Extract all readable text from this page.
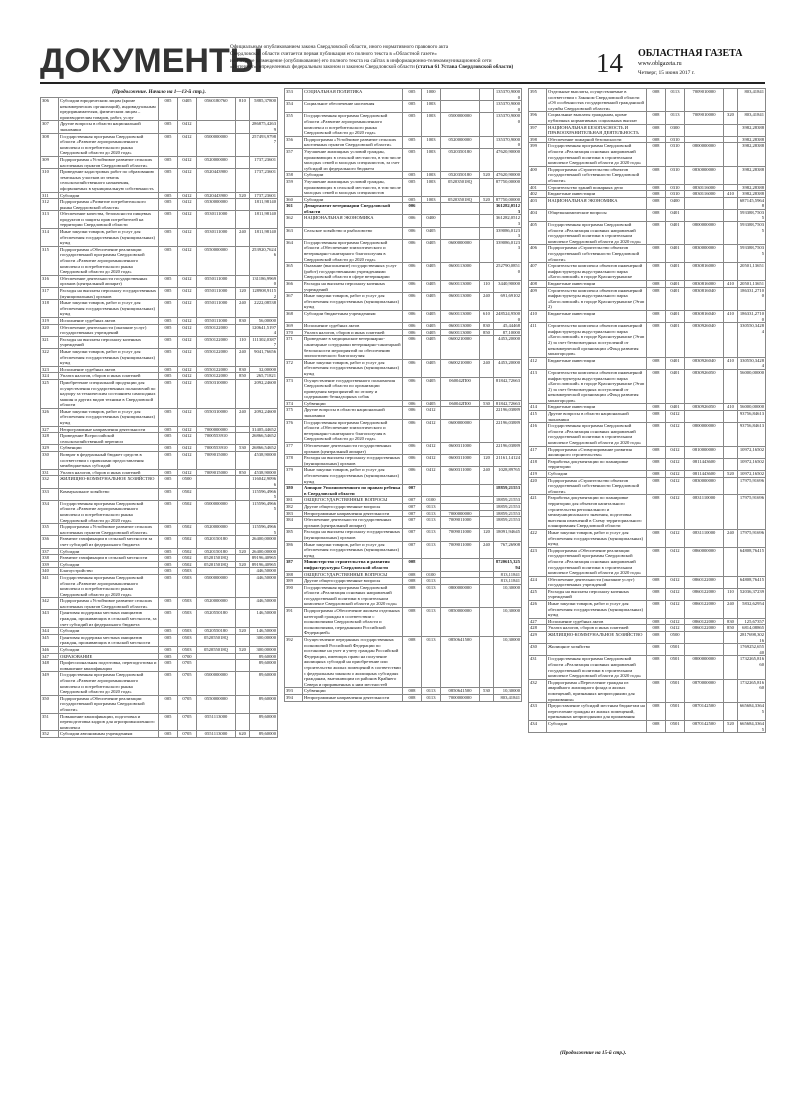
ДОКУМЕНТЫ
Официальным опубликованием закона Свердловской области, иного нормативного правового акта
Свердловской области считается первая публикация его полного текста в «Областной газете»
или первое размещение (опубликование) его полного текста на сайтах в информационно-телекоммуникационной сети
«Интернет», определенных федеральным законом и законом Свердловской области (статья 61 Устава Свердловской области)	14 ОБЛАСТНАЯ ГАЗЕТА
www.oblgazeta.ru
Четверг, 15 июня 2017 г.
(Продолжение. Начало на 1—13-й стр.).
306	Субсидии юридическим лицам (кроме некоммерческих организаций), индивидуальным предпринимателям, физическим лицам – производителям товаров, работ, услуг	005	0405	0560180760	810	5885,37800
307	Другие вопросы в области национальной экономики	005	0412			286875,42639
308	Государственная программа Свердловской области «Развитие агропромышленного комплекса и потребительского рынка Свердловской области до 2020 года»	005	0412	0500000000		257493,97987
309	Подпрограмма «Устойчивое развитие сельских населенных пунктов Свердловской области»	005	0412	0520000000		1737,23601
310	Проведение кадастровых работ по образованию земельных участков из земель сельскохозяйственного назначения, оформляемых в муниципальную собственность	005	0412	0520443900		1737,23601
311	Субсидии	005	0412	0520443900	520	1737,23601
312	Подпрограмма «Развитие потребительского рынка Свердловской области»	005	0412	0530000000		1811,98140
313	Обеспечение качества, безопасности пищевых продуктов и защиты прав потребителей на территории Свердловской области	005	0412	0530111000		1811,98140
314	Иные закупки товаров, работ и услуг для обеспечения государственных (муниципальных) нужд	005	0412	0530111000	240	1811,98140
315	Подпрограмма «Обеспечение реализации государственной программы Свердловской области «Развитие агропромышленного комплекса и потребительского рынка Свердловской области до 2020 года»	005	0412	0550000000		253920,76246
316	Обеспечение деятельности государственных органов (центральный аппарат)	005	0412	0550111000		131186,99690
317	Расходы на выплаты персоналу государственных (муниципальных) органов	005	0412	0550111000	120	128908,91152
318	Иные закупки товаров, работ и услуг для обеспечения государственных (муниципальных) нужд	005	0412	0550111000	240	2222,08538
319	Исполнение судебных актов	005	0412	0550111000	830	56,00000
320	Обеспечение деятельности (оказание услуг) государственных учреждений	005	0412	0550122000		120641,51974
321	Расходы на выплаты персоналу казенных учреждений	005	0412	0550122000	110	111302,03877
322	Иные закупки товаров, работ и услуг для обеспечения государственных (муниципальных) нужд	005	0412	0550122000	240	9041,76656
323	Исполнение судебных актов	005	0412	0550122000	830	32,00000
324	Уплата налогов, сборов и иных платежей	005	0412	0550122000	850	265,71821
325	Приобретение специальной продукции для осуществления государственных полномочий по надзору за техническим состоянием самоходных машин и других видов техники в Свердловской области	005	0412	0550310000		2092,24600
326	Иные закупки товаров, работ и услуг для обеспечения государственных (муниципальных) нужд	005	0412	0550310000	240	2092,24600
327	Непрограммные направления деятельности	005	0412	7000000000		31405,44652
328	Проведение Всероссийской сельскохозяйственной переписи	005	0412	7000553910		26866,54652
329	Субвенции	005	0412	7000553910	530	26866,54652
330	Возврат в федеральный бюджет средств в соответствии с правилами предоставления межбюджетных субсидий	005	0412	7009015000		4538,90000
331	Уплата налогов, сборов и иных платежей	005	0412	7009015000	850	4538,90000
332	ЖИЛИЩНО-КОММУНАЛЬНОЕ ХОЗЯЙСТВО	005	0500			116042,90966
333	Коммунальное хозяйство	005	0502			115596,49665
334	Государственная программа Свердловской области «Развитие агропромышленного комплекса и потребительского рынка Свердловской области до 2020 года»	005	0502	0500000000		115596,49665
335	Подпрограмма «Устойчивое развитие сельских населенных пунктов Свердловской области»	005	0502	0520000000		115596,49665
336	Развитие газификации в сельской местности за счет субсидий из федерального бюджета	005	0502	0520150180		26400,00000
337	Субсидии	005	0502	0520150180	520	26400,00000
338	Развитие газификации в сельской местности	005	0502	052015018Q		89196,40965
339	Субсидии	005	0502	052015018Q	520	89196,40965
340	Благоустройство	005	0503			446,50000
341	Государственная программа Свердловской области «Развитие агропромышленного комплекса и потребительского рынка Свердловской области до 2020 года»	005	0503	0500000000		446,50000
342	Подпрограмма «Устойчивое развитие сельских населенных пунктов Свердловской области»	005	0503	0520000000		446,50000
343	Грантовая поддержка местных инициатив граждан, проживающих в сельской местности, за счет субсидий из федерального бюджета	005	0503	0520550180		146,50000
344	Субсидии	005	0503	0520550180	520	146,50000
345	Грантовая поддержка местных инициатив граждан, проживающих в сельской местности	005	0503	052055018Q		300,00000
346	Субсидии	005	0503	052055018Q	520	300,00000
347	ОБРАЗОВАНИЕ	005	0700			89,60000
348	Профессиональная подготовка, переподготовка и повышение квалификации	005	0705			89,60000
349	Государственная программа Свердловской области «Развитие агропромышленного комплекса и потребительского рынка Свердловской области до 2020 года»	005	0705	0500000000		89,60000
350	Подпрограмма «Обеспечение реализации государственной программы Свердловской области»	005	0705	0550000000		89,60000
351	Повышение квалификации, подготовка и переподготовка кадров для агропромышленного комплекса	005	0705	0551113000		89,60000
352	Субсидии автономным учреждениям	005	0705	0551113000	620	89,60000
353	СОЦИАЛЬНАЯ ПОЛИТИКА	005	1000			135370,90000
354	Социальное обеспечение населения	005	1003			135370,90000
355	Государственная программа Свердловской области «Развитие агропромышленного комплекса и потребительского рынка Свердловской области до 2020 года»	005	1003	0500000000		135370,90000
356	Подпрограмма «Устойчивое развитие сельских населенных пунктов Свердловской области»	005	1003	0520000000		135370,90000
357	Улучшение жилищных условий граждан, проживающих в сельской местности, в том числе молодых семей и молодых специалистов, за счет субсидий из федерального бюджета	005	1003	0520350180		47620,90000
358	Субсидии	005	1003	0520350180	520	47620,90000
359	Улучшение жилищных условий граждан, проживающих в сельской местности, в том числе молодых семей и молодых специалистов	005	1003	052035018Q		87750,00000
360	Субсидии	005	1003	052035018Q	520	87750,00000
361	Департамент ветеринарии Свердловской области	006				361282,05123
362	НАЦИОНАЛЬНАЯ ЭКОНОМИКА	006	0400			361282,05123
363	Сельское хозяйство и рыболовство	006	0405			339086,01233
364	Государственная программа Свердловской области «Обеспечение эпизоотического и ветеринарно-санитарного благополучия в Свердловской области до 2020 года»	006	0405	0600000000		339086,01233
365	Оказание (выполнение) государственных услуг (работ) государственными учреждениями Свердловской области в сфере ветеринарии	006	0405	0600113000		252790,08510
366	Расходы на выплаты персоналу казенных учреждений	006	0405	0600113000	110	3440,90000
367	Иные закупки товаров, работ и услуг для обеспечения государственных (муниципальных) нужд	006	0405	0600113000	240	691,69102
368	Субсидии бюджетным учреждениям	006	0405	0600113000	610	248524,95000
369	Исполнение судебных актов	006	0405	0600113000	830	45,44468
370	Уплата налогов, сборов и иных платежей	006	0405	0600113000	850	87,10000
371	Проведение в медицинские ветеринарно-санитарные сотрудники ветеринарно-санитарной безопасности мероприятий по обеспечению эпизоотического благополучия	006	0405	0600210000		4453,20000
372	Иные закупки товаров, работ и услуг для обеспечения государственных (муниципальных) нужд	006	0405	0600210000	240	4453,20000
373	Осуществление государственного полномочия Свердловской области по организации проведения мероприятий по отлову и содержанию безнадзорных собак	006	0405	060042П00		81842,72663
374	Субвенции	006	0405	060042П00	530	81842,72663
375	Другие вопросы в области национальной экономики	006	0412			22196,03889
376	Государственная программа Свердловской области «Обеспечение эпизоотического и ветеринарно-санитарного благополучия в Свердловской области до 2020 года»	006	0412	0600000000		22196,03889
377	Обеспечение деятельности государственных органов (центральный аппарат)	006	0412	0600311000		22196,03889
378	Расходы на выплаты персоналу государственных (муниципальных) органов	006	0412	0600311000	120	21161,14124
379	Иные закупки товаров, работ и услуг для обеспечения государственных (муниципальных) нужд	006	0412	0600311000	240	1028,89765
380	Аппарат Уполномоченного по правам ребенка в Свердловской области	007				18859,21553
381	ОБЩЕГОСУДАРСТВЕННЫЕ ВОПРОСЫ	007	0100			18859,21553
382	Другие общегосударственные вопросы	007	0113			18859,21553
383	Непрограммные направления деятельности	007	0113	7000000000		18859,21553
384	Обеспечение деятельности государственных органов (центральный аппарат)	007	0113	7009011000		18859,21553
385	Расходы на выплаты персоналу государственных (муниципальных) органов	007	0113	7009011000	120	18091,94645
386	Иные закупки товаров, работ и услуг для обеспечения государственных (муниципальных) нужд	007	0113	7009011000	240	767,26908
387	Министерство строительства и развития инфраструктуры Свердловской области	008				8720615,32594
388	ОБЩЕГОСУДАРСТВЕННЫЕ ВОПРОСЫ	008	0100			813,11841
389	Другие общегосударственные вопросы	008	0113			813,11841
390	Государственная программа Свердловской области «Реализация основных направлений государственной политики в строительном комплексе Свердловской области до 2020 года»	008	0113	0800000000		10,30000
391	Подпрограмма «Обеспечение жильем отдельных категорий граждан в соответствии с полномочиями Свердловской области и полномочиями, переданными Российской Федерацией»	008	0113	0850000000		10,30000
392	Осуществление переданных государственных полномочий Российской Федерации по постановке на учет и учету граждан Российской Федерации, имеющих право на получение жилищных субсидий на приобретение или строительство жилых помещений в соответствии с федеральным законом о жилищных субсидиях гражданам, выезжающим из районов Крайнего Севера и приравненных к ним местностей	008	0113	0850641500		10,30000
393	Субвенции	008	0113	0850641500	530	10,30000
394	Непрограммные направления деятельности	008	0113	7000000000		803,41841
395	Отдельные выплаты, осуществляемые в соответствии с Законом Свердловской области «Об особенностях государственной гражданской службы Свердловской области»	008	0113	7009010000		803,41841
396	Социальные выплаты гражданам, кроме публичных нормативных социальных выплат	008	0113	7009010000	320	803,41841
397	НАЦИОНАЛЬНАЯ БЕЗОПАСНОСТЬ И ПРАВООХРАНИТЕЛЬНАЯ ДЕЯТЕЛЬНОСТЬ	008	0300			3982,28388
398	Обеспечение пожарной безопасности	008	0310			3982,28388
399	Государственная программа Свердловской области «Реализация основных направлений государственной политики в строительном комплексе Свердловской области до 2020 года»	008	0310	0800000000		3982,28388
400	Подпрограмма «Строительство объектов государственной собственности Свердловской области»	008	0310	0830000000		3982,28388
401	Строительство зданий пожарных депо	008	0310	0830116000		3982,28388
402	Бюджетные инвестиции	008	0310	0830116000	410	3982,28388
403	НАЦИОНАЛЬНАЯ ЭКОНОМИКА	008	0400			687145,59648
404	Общеэкономические вопросы	008	0401			593388,75035
405	Государственная программа Свердловской области «Реализация основных направлений государственной политики в строительном комплексе Свердловской области до 2020 года»	008	0401	0800000000		593388,75035
406	Подпрограмма «Строительство объектов государственной собственности Свердловской области»	008	0401	0830000000		593388,75035
407	Строительство комплекса объектов инженерной инфраструктуры индустриального парка «Богословский» в городе Краснотурьинске	008	0401	0830816000		20501,13651
408	Бюджетные инвестиции	008	0401	0830816000	410	20501,13651
409	Строительство комплекса объектов инженерной инфраструктуры индустриального парка «Богословский» в городе Краснотурьинске (Этап 2)	008	0401	0830816040		186331,27100
410	Бюджетные инвестиции	008	0401	0830816040	410	186331,27100
411	Строительство комплекса объектов инженерной инфраструктуры индустриального парка «Богословский» в городе Краснотурьинске (Этап 2) за счет безвозмездных поступлений от некоммерческой организации «Фонд развития моногородов»	008	0401	0830926040		330550,34284
412	Бюджетные инвестиции	008	0401	0830926040	410	330550,34284
413	Строительство комплекса объектов инженерной инфраструктуры индустриального парка «Богословский» в городе Краснотурьинске (Этап 2) за счет безвозмездных поступлений от некоммерческой организации «Фонд развития моногородов»	008	0401	0830926050		56000,00000
414	Бюджетные инвестиции	008	0401	0830926050	410	56000,00000
415	Другие вопросы в области национальной экономики	008	0412			93756,84613
416	Государственная программа Свердловской области «Реализация основных направлений государственной политики в строительном комплексе Свердловской области до 2020 года»	008	0412	0800000000		93756,84613
417	Подпрограмма «Стимулирование развития жилищного строительства»	008	0412	0810000000		10972,16502
418	Разработка документации по планировке территории	008	0412	0811443600		10972,16502
419	Субсидии	008	0412	0811443600	520	10972,16502
420	Подпрограмма «Строительство объектов государственной собственности Свердловской области»	008	0412	0830000000		17975,91696
421	Разработка документации по планировке территории для объектов капитального строительства регионального и межмуниципального значения, подготовка внесения изменений в Схему территориального планирования Свердловской области	008	0412	0831110000		17975,91696
422	Иные закупки товаров, работ и услуг для обеспечения государственных (муниципальных) нужд	008	0412	0831110000	240	17975,91696
423	Подпрограмма «Обеспечение реализации государственной программы Свердловской области «Реализация основных направлений государственной политики в строительном комплексе Свердловской области до 2020 года»	008	0412	0860000000		64808,76415
424	Обеспечение деятельности (оказание услуг) государственных учреждений	008	0412	0860122000		64808,76415
425	Расходы на выплаты персоналу казенных учреждений	008	0412	0860122000	110	52036,37239
426	Иные закупки товаров, работ и услуг для обеспечения государственных (муниципальных) нужд	008	0412	0860122000	240	5832,62954
427	Исполнение судебных актов	008	0412	0860122000	830	125,67357
428	Уплата налогов, сборов и иных платежей	008	0412	0860122000	850	6814,08865
429	ЖИЛИЩНО-КОММУНАЛЬНОЕ ХОЗЯЙСТВО	008	0500			2817698,30216
430	Жилищное хозяйство	008	0501			1769252,65540
431	Государственная программа Свердловской области «Реализация основных направлений государственной политики в строительном комплексе Свердловской области до 2020 года»	008	0501	0800000000		1732265,81660
432	Подпрограмма «Переселение граждан из аварийного жилищного фонда и жилых помещений, признанных непригодными для проживания»	008	0501	0870000000		1732265,81660
433	Предоставление субсидий местным бюджетам на переселение граждан из жилых помещений, признанных непригодными для проживания	008	0501	0870142500		665684,33645
434	Субсидии	008	0501	0870142500	520	665684,33645
(Продолжение на 15-й стр.).
